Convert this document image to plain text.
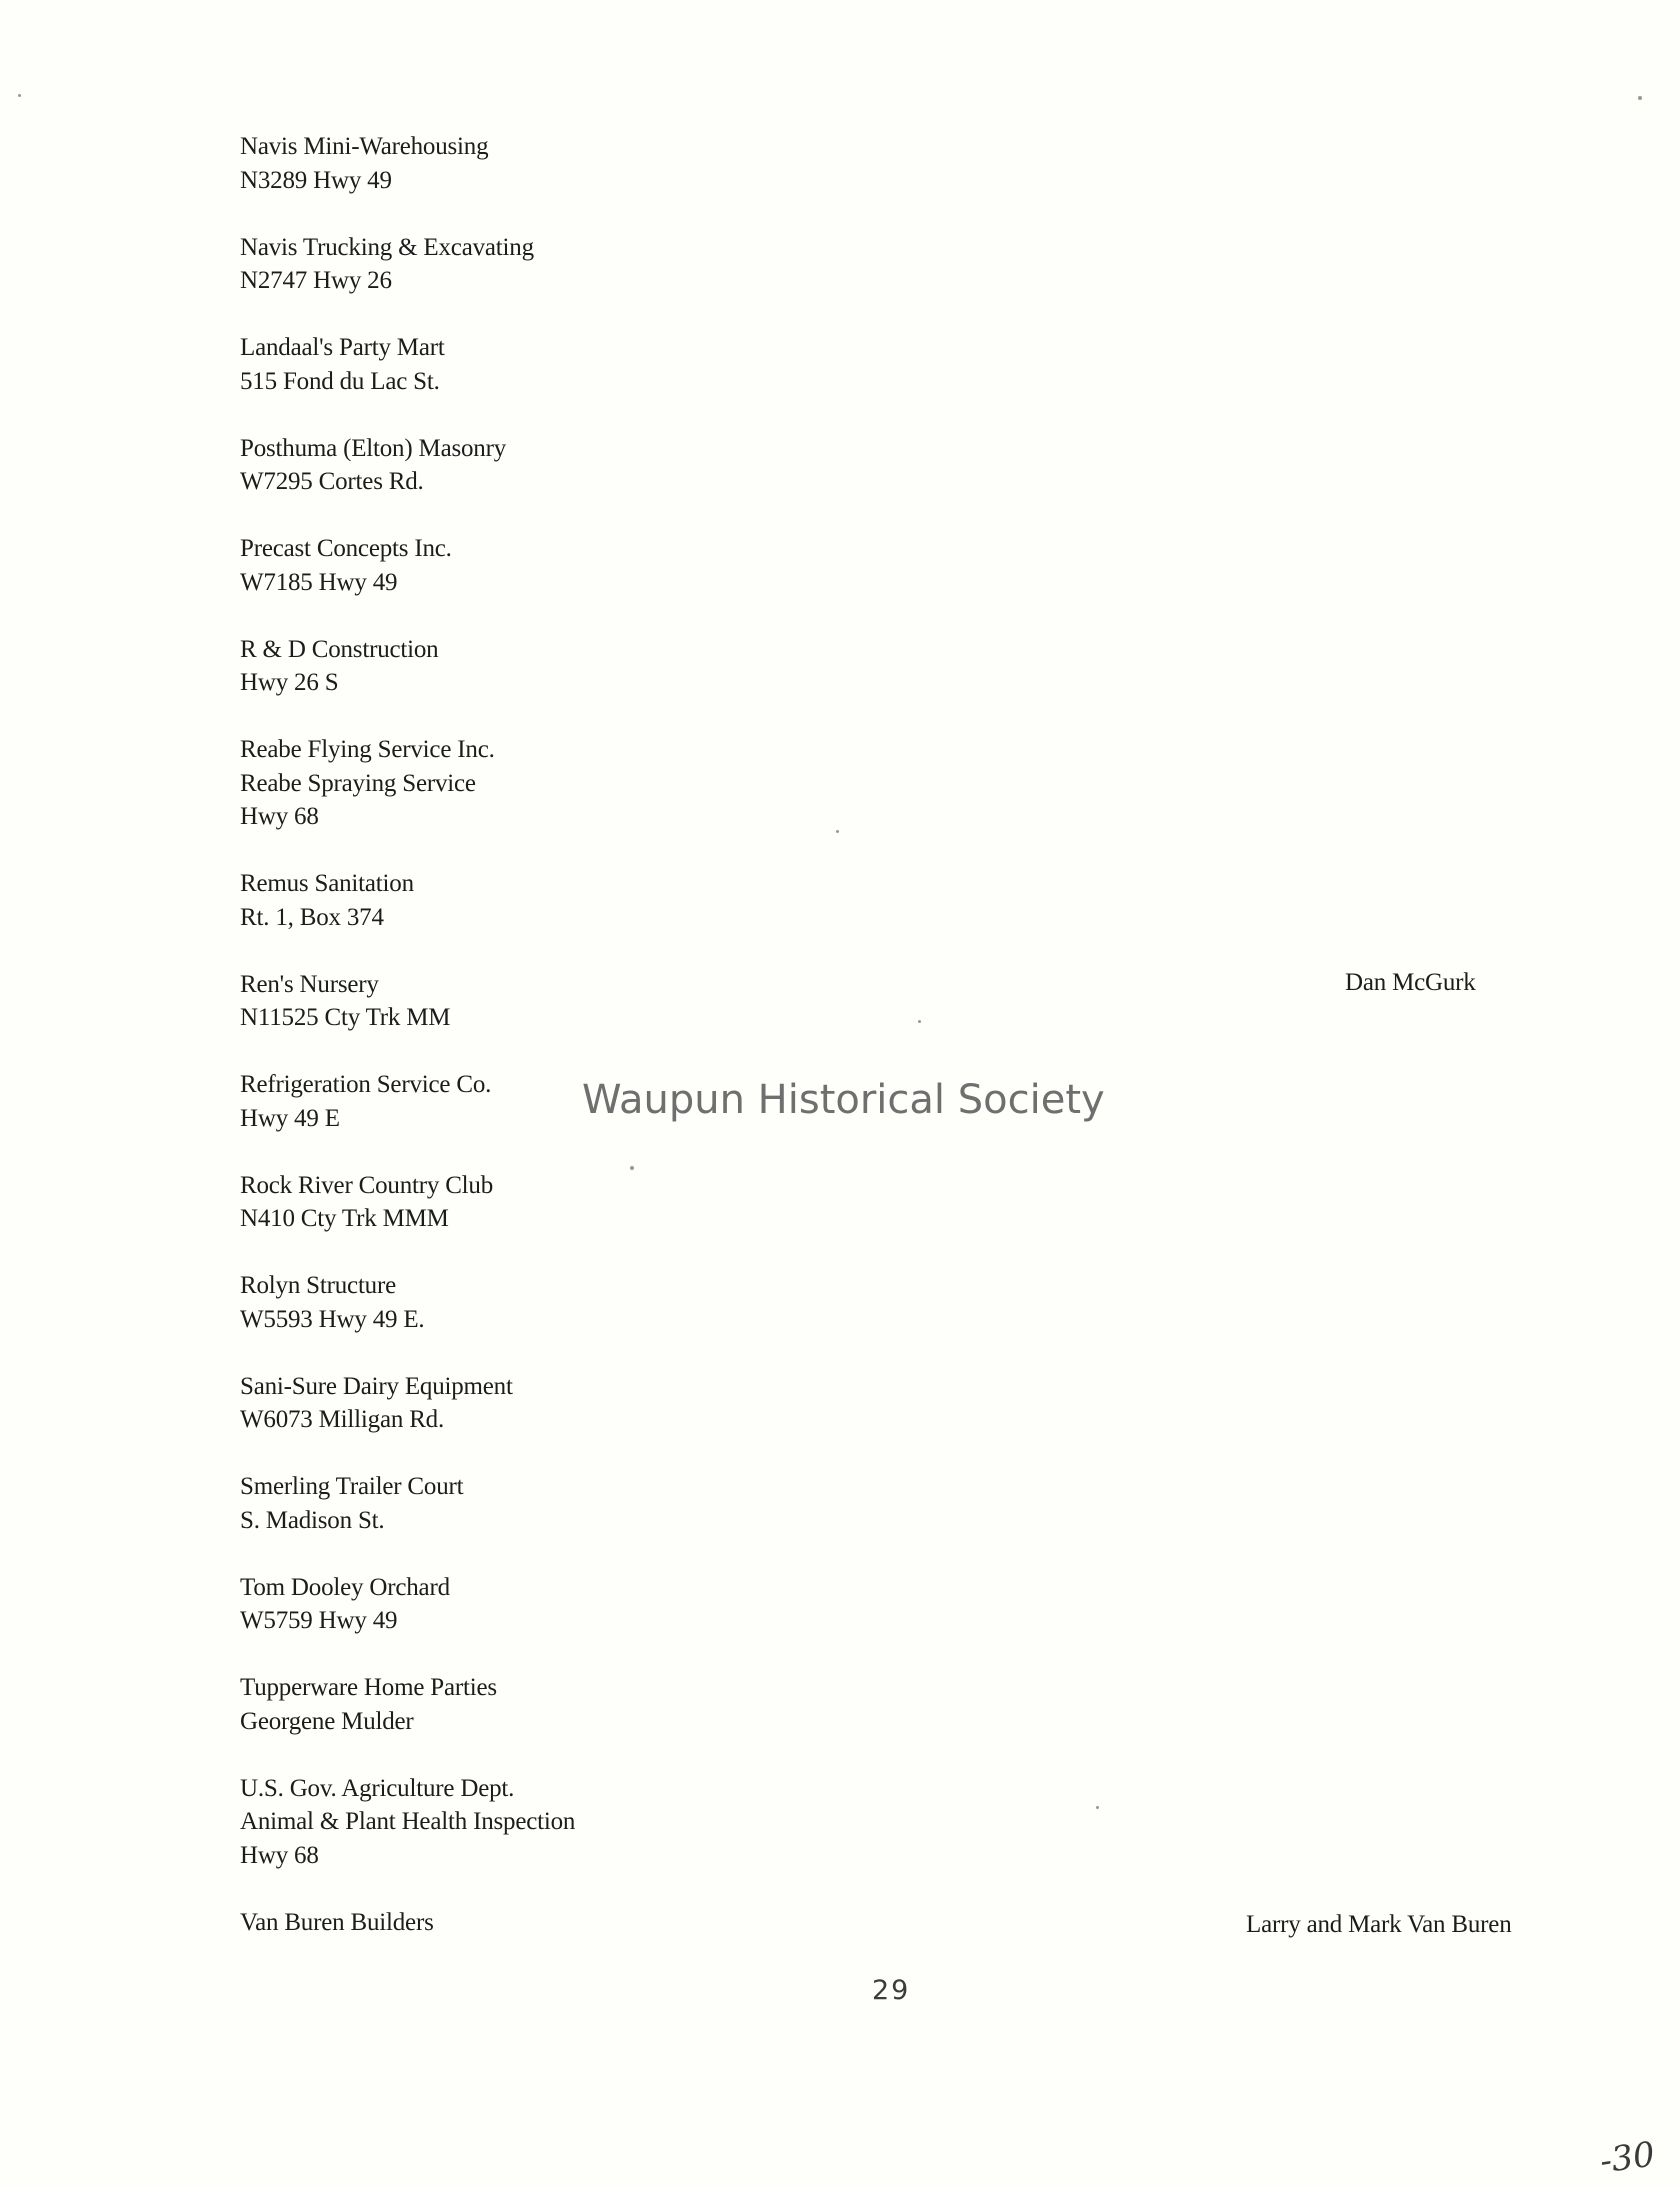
Navis Mini-Warehousing
N3289 Hwy 49
Navis Trucking & Excavating
N2747 Hwy 26
Landaal's Party Mart
515 Fond du Lac St.
Posthuma (Elton) Masonry
W7295 Cortes Rd.
Precast Concepts Inc.
W7185 Hwy 49
R & D Construction
Hwy 26 S
Reabe Flying Service Inc.
Reabe Spraying Service
Hwy 68
Remus Sanitation
Rt. 1, Box 374
Ren's Nursery
N11525 Cty Trk MM
Refrigeration Service Co.
Hwy 49 E
Rock River Country Club
N410 Cty Trk MMM
Rolyn Structure
W5593 Hwy 49 E.
Sani-Sure Dairy Equipment
W6073 Milligan Rd.
Smerling Trailer Court
S. Madison St.
Tom Dooley Orchard
W5759 Hwy 49
Tupperware Home Parties
Georgene Mulder
U.S. Gov. Agriculture Dept.
Animal & Plant Health Inspection
Hwy 68
Van Buren Builders
Dan McGurk
Larry and Mark Van Buren
Waupun Historical Society
29
-30
